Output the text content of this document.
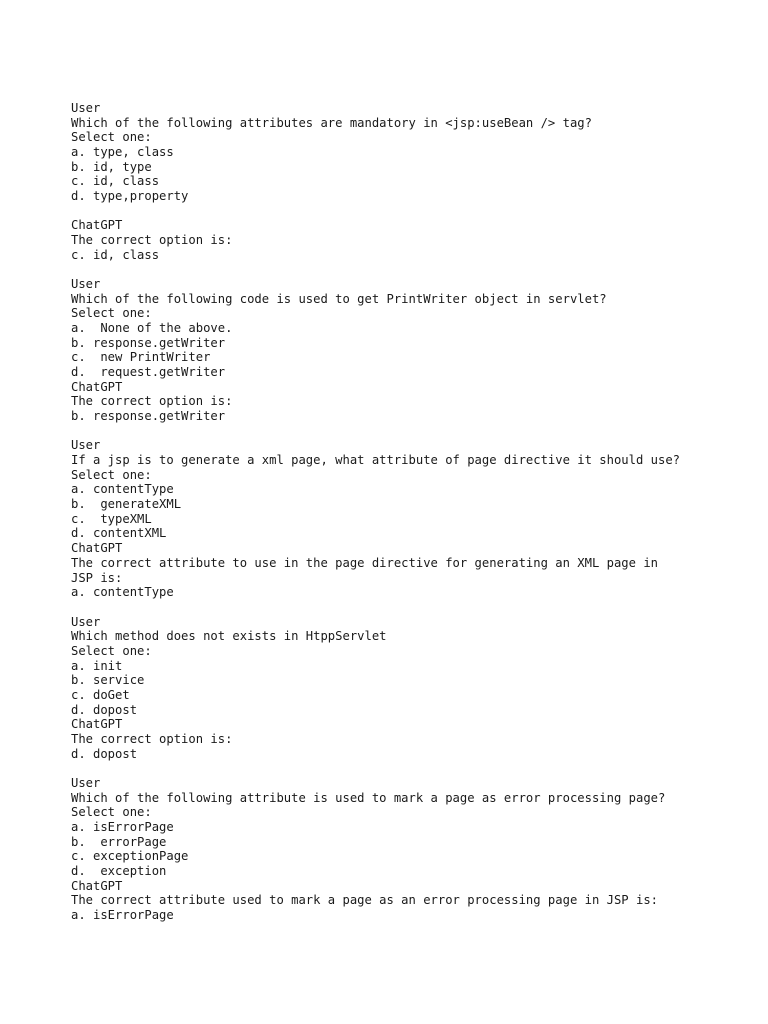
User
Which of the following attributes are mandatory in <jsp:useBean /> tag?
Select one:
a. type, class
b. id, type
c. id, class
d. type,property
ChatGPT
The correct option is:
c. id, class
User
Which of the following code is used to get PrintWriter object in servlet?
Select one:
a.  None of the above.
b. response.getWriter
c.  new PrintWriter
d.  request.getWriter
ChatGPT
The correct option is:
b. response.getWriter
User
If a jsp is to generate a xml page, what attribute of page directive it should use?
Select one:
a. contentType
b.  generateXML
c.  typeXML
d. contentXML
ChatGPT
The correct attribute to use in the page directive for generating an XML page in
JSP is:
a. contentType
User
Which method does not exists in HtppServlet
Select one:
a. init
b. service
c. doGet
d. dopost
ChatGPT
The correct option is:
d. dopost
User
Which of the following attribute is used to mark a page as error processing page?
Select one:
a. isErrorPage
b.  errorPage
c. exceptionPage
d.  exception
ChatGPT
The correct attribute used to mark a page as an error processing page in JSP is:
a. isErrorPage
